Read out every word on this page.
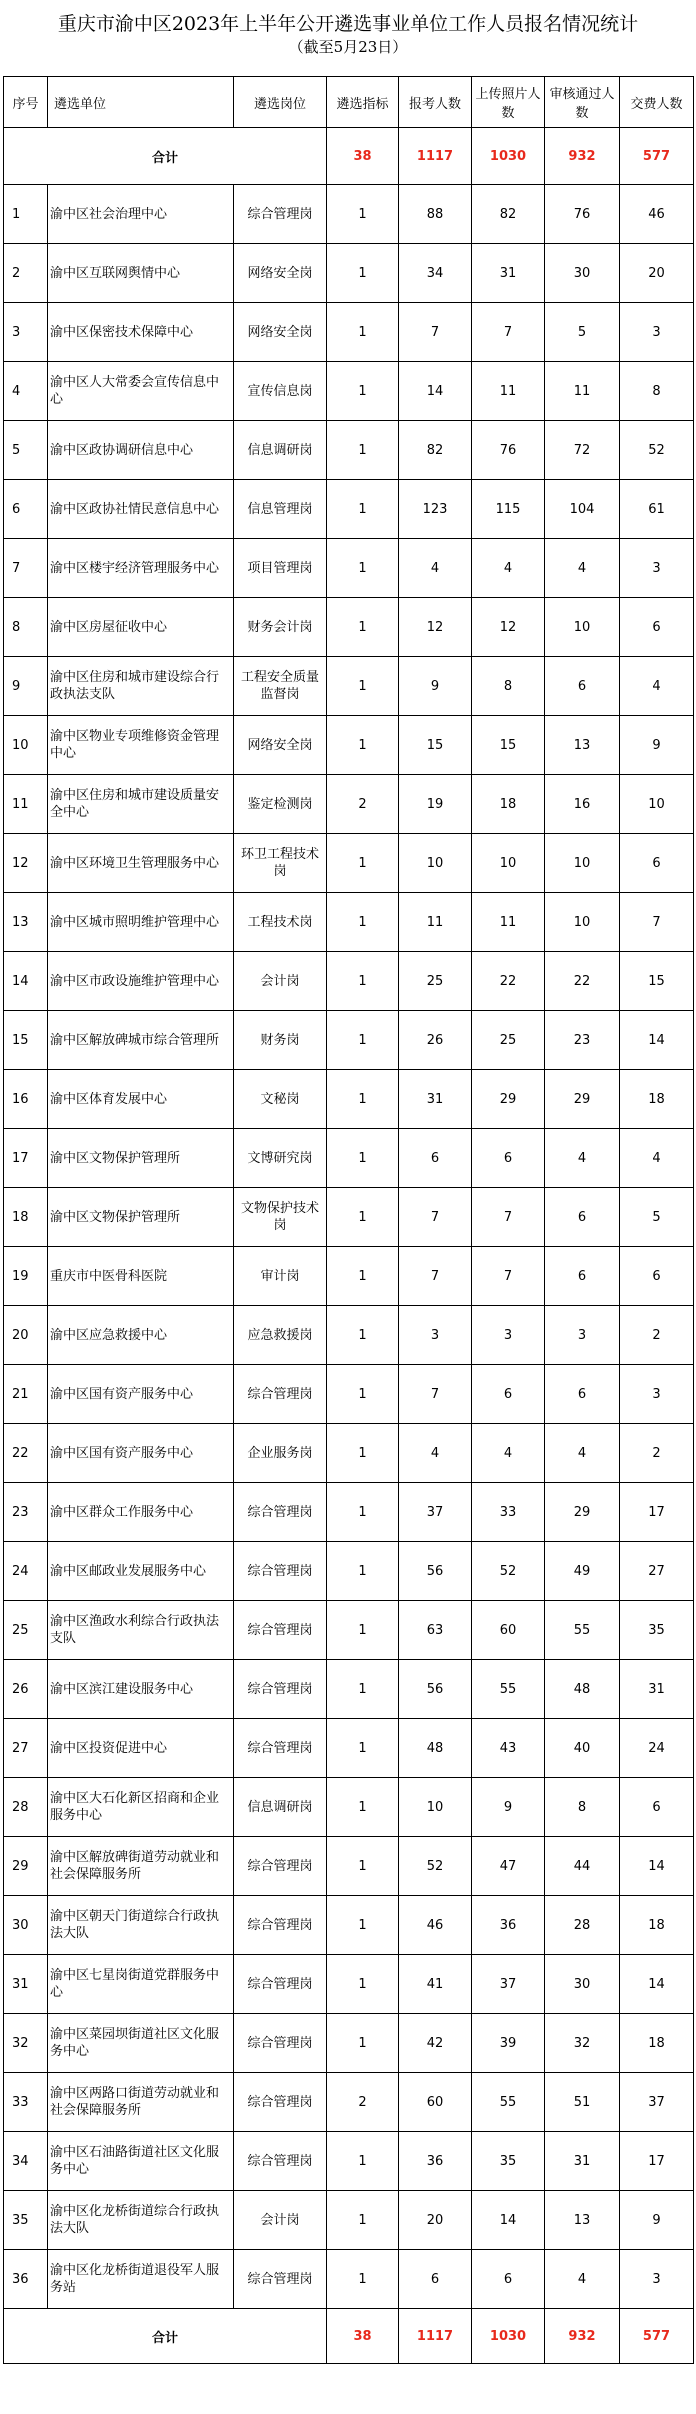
重庆市渝中区2023年上半年公开遴选事业单位工作人员报名情况统计
（截至5月23日）
序号	遴选单位	遴选岗位	遴选指标	报考人数	上传照片人数	审核通过人数	交费人数
合计			38	1117	1030	932	577
1	渝中区社会治理中心	综合管理岗	1	88	82	76	46
2	渝中区互联网舆情中心	网络安全岗	1	34	31	30	20
3	渝中区保密技术保障中心	网络安全岗	1	7	7	5	3
4	渝中区人大常委会宣传信息中心	宣传信息岗	1	14	11	11	8
5	渝中区政协调研信息中心	信息调研岗	1	82	76	72	52
6	渝中区政协社情民意信息中心	信息管理岗	1	123	115	104	61
7	渝中区楼宇经济管理服务中心	项目管理岗	1	4	4	4	3
8	渝中区房屋征收中心	财务会计岗	1	12	12	10	6
9	渝中区住房和城市建设综合行政执法支队	工程安全质量监督岗	1	9	8	6	4
10	渝中区物业专项维修资金管理中心	网络安全岗	1	15	15	13	9
11	渝中区住房和城市建设质量安全中心	鉴定检测岗	2	19	18	16	10
12	渝中区环境卫生管理服务中心	环卫工程技术岗	1	10	10	10	6
13	渝中区城市照明维护管理中心	工程技术岗	1	11	11	10	7
14	渝中区市政设施维护管理中心	会计岗	1	25	22	22	15
15	渝中区解放碑城市综合管理所	财务岗	1	26	25	23	14
16	渝中区体育发展中心	文秘岗	1	31	29	29	18
17	渝中区文物保护管理所	文博研究岗	1	6	6	4	4
18	渝中区文物保护管理所	文物保护技术岗	1	7	7	6	5
19	重庆市中医骨科医院	审计岗	1	7	7	6	6
20	渝中区应急救援中心	应急救援岗	1	3	3	3	2
21	渝中区国有资产服务中心	综合管理岗	1	7	6	6	3
22	渝中区国有资产服务中心	企业服务岗	1	4	4	4	2
23	渝中区群众工作服务中心	综合管理岗	1	37	33	29	17
24	渝中区邮政业发展服务中心	综合管理岗	1	56	52	49	27
25	渝中区渔政水利综合行政执法支队	综合管理岗	1	63	60	55	35
26	渝中区滨江建设服务中心	综合管理岗	1	56	55	48	31
27	渝中区投资促进中心	综合管理岗	1	48	43	40	24
28	渝中区大石化新区招商和企业服务中心	信息调研岗	1	10	9	8	6
29	渝中区解放碑街道劳动就业和社会保障服务所	综合管理岗	1	52	47	44	14
30	渝中区朝天门街道综合行政执法大队	综合管理岗	1	46	36	28	18
31	渝中区七星岗街道党群服务中心	综合管理岗	1	41	37	30	14
32	渝中区菜园坝街道社区文化服务中心	综合管理岗	1	42	39	32	18
33	渝中区两路口街道劳动就业和社会保障服务所	综合管理岗	2	60	55	51	37
34	渝中区石油路街道社区文化服务中心	综合管理岗	1	36	35	31	17
35	渝中区化龙桥街道综合行政执法大队	会计岗	1	20	14	13	9
36	渝中区化龙桥街道退役军人服务站	综合管理岗	1	6	6	4	3
合计			38	1117	1030	932	577
